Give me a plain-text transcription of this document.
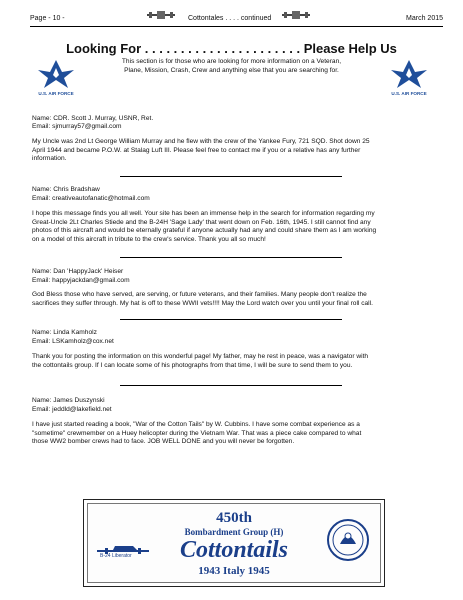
Page - 10 -	Cottontales . . . . continued	March 2015
Looking For . . . . . . . . . . . . . . . . . . . . . . Please Help Us
This section is for those who are looking for more information on a Veteran,
Plane, Mission, Crash, Crew and anything else that you are searching for.
U.S. AIR FORCE	U.S. AIR FORCE
Name: CDR. Scott J. Murray, USNR, Ret.
Email: sjmurray57@gmail.com
My Uncle was 2nd Lt George William Murray and he flew with the crew of the Yankee Fury, 721 SQD. Shot down 25
April 1944 and became P.O.W. at Stalag Luft III. Please feel free to contact me if you or a relative has any further
information.
Name: Chris Bradshaw
Email: creativeautofanatic@hotmail.com
I hope this message finds you all well. Your site has been an immense help in the search for information regarding my
Great-Uncle 2Lt Charles Stiede and the B-24H 'Sage Lady' that went down on Feb. 16th, 1945. I still cannot find any
photos of this aircraft and would be eternally grateful if anyone actually had any and could share them as I am working
on a model of this aircraft in tribute to the crew's service. Thank you all so much!
Name: Dan 'HappyJack' Heiser
Email: happyjackdan@gmail.com
God Bless those who have served, are serving, or future veterans, and their families. Many people don't realize the
sacrifices they suffer through. My hat is off to these WWII vets!!!! May the Lord watch over you until your final roll call.
Name: Linda Kamholz
Email: LSKamholz@cox.net
Thank you for posting the information on this wonderful page! My father, may he rest in peace, was a navigator with
the cottontails group. If I can locate some of his photographs from that time, I will be sure to send them to you.
Name: James Duszynski
Email: jeddld@lakefield.net
I have just started reading a book, "War of the Cotton Tails" by W. Cubbins. I have some combat experience as a
"sometime" crewmember on a Huey helicopter during the Vietnam War. That was a piece cake compared to what
those WW2 bomber crews had to face. JOB WELL DONE and you will never be forgotten.
450th
Bombardment Group (H)
Cottontails
1943 Italy 1945
B-24 Liberator
